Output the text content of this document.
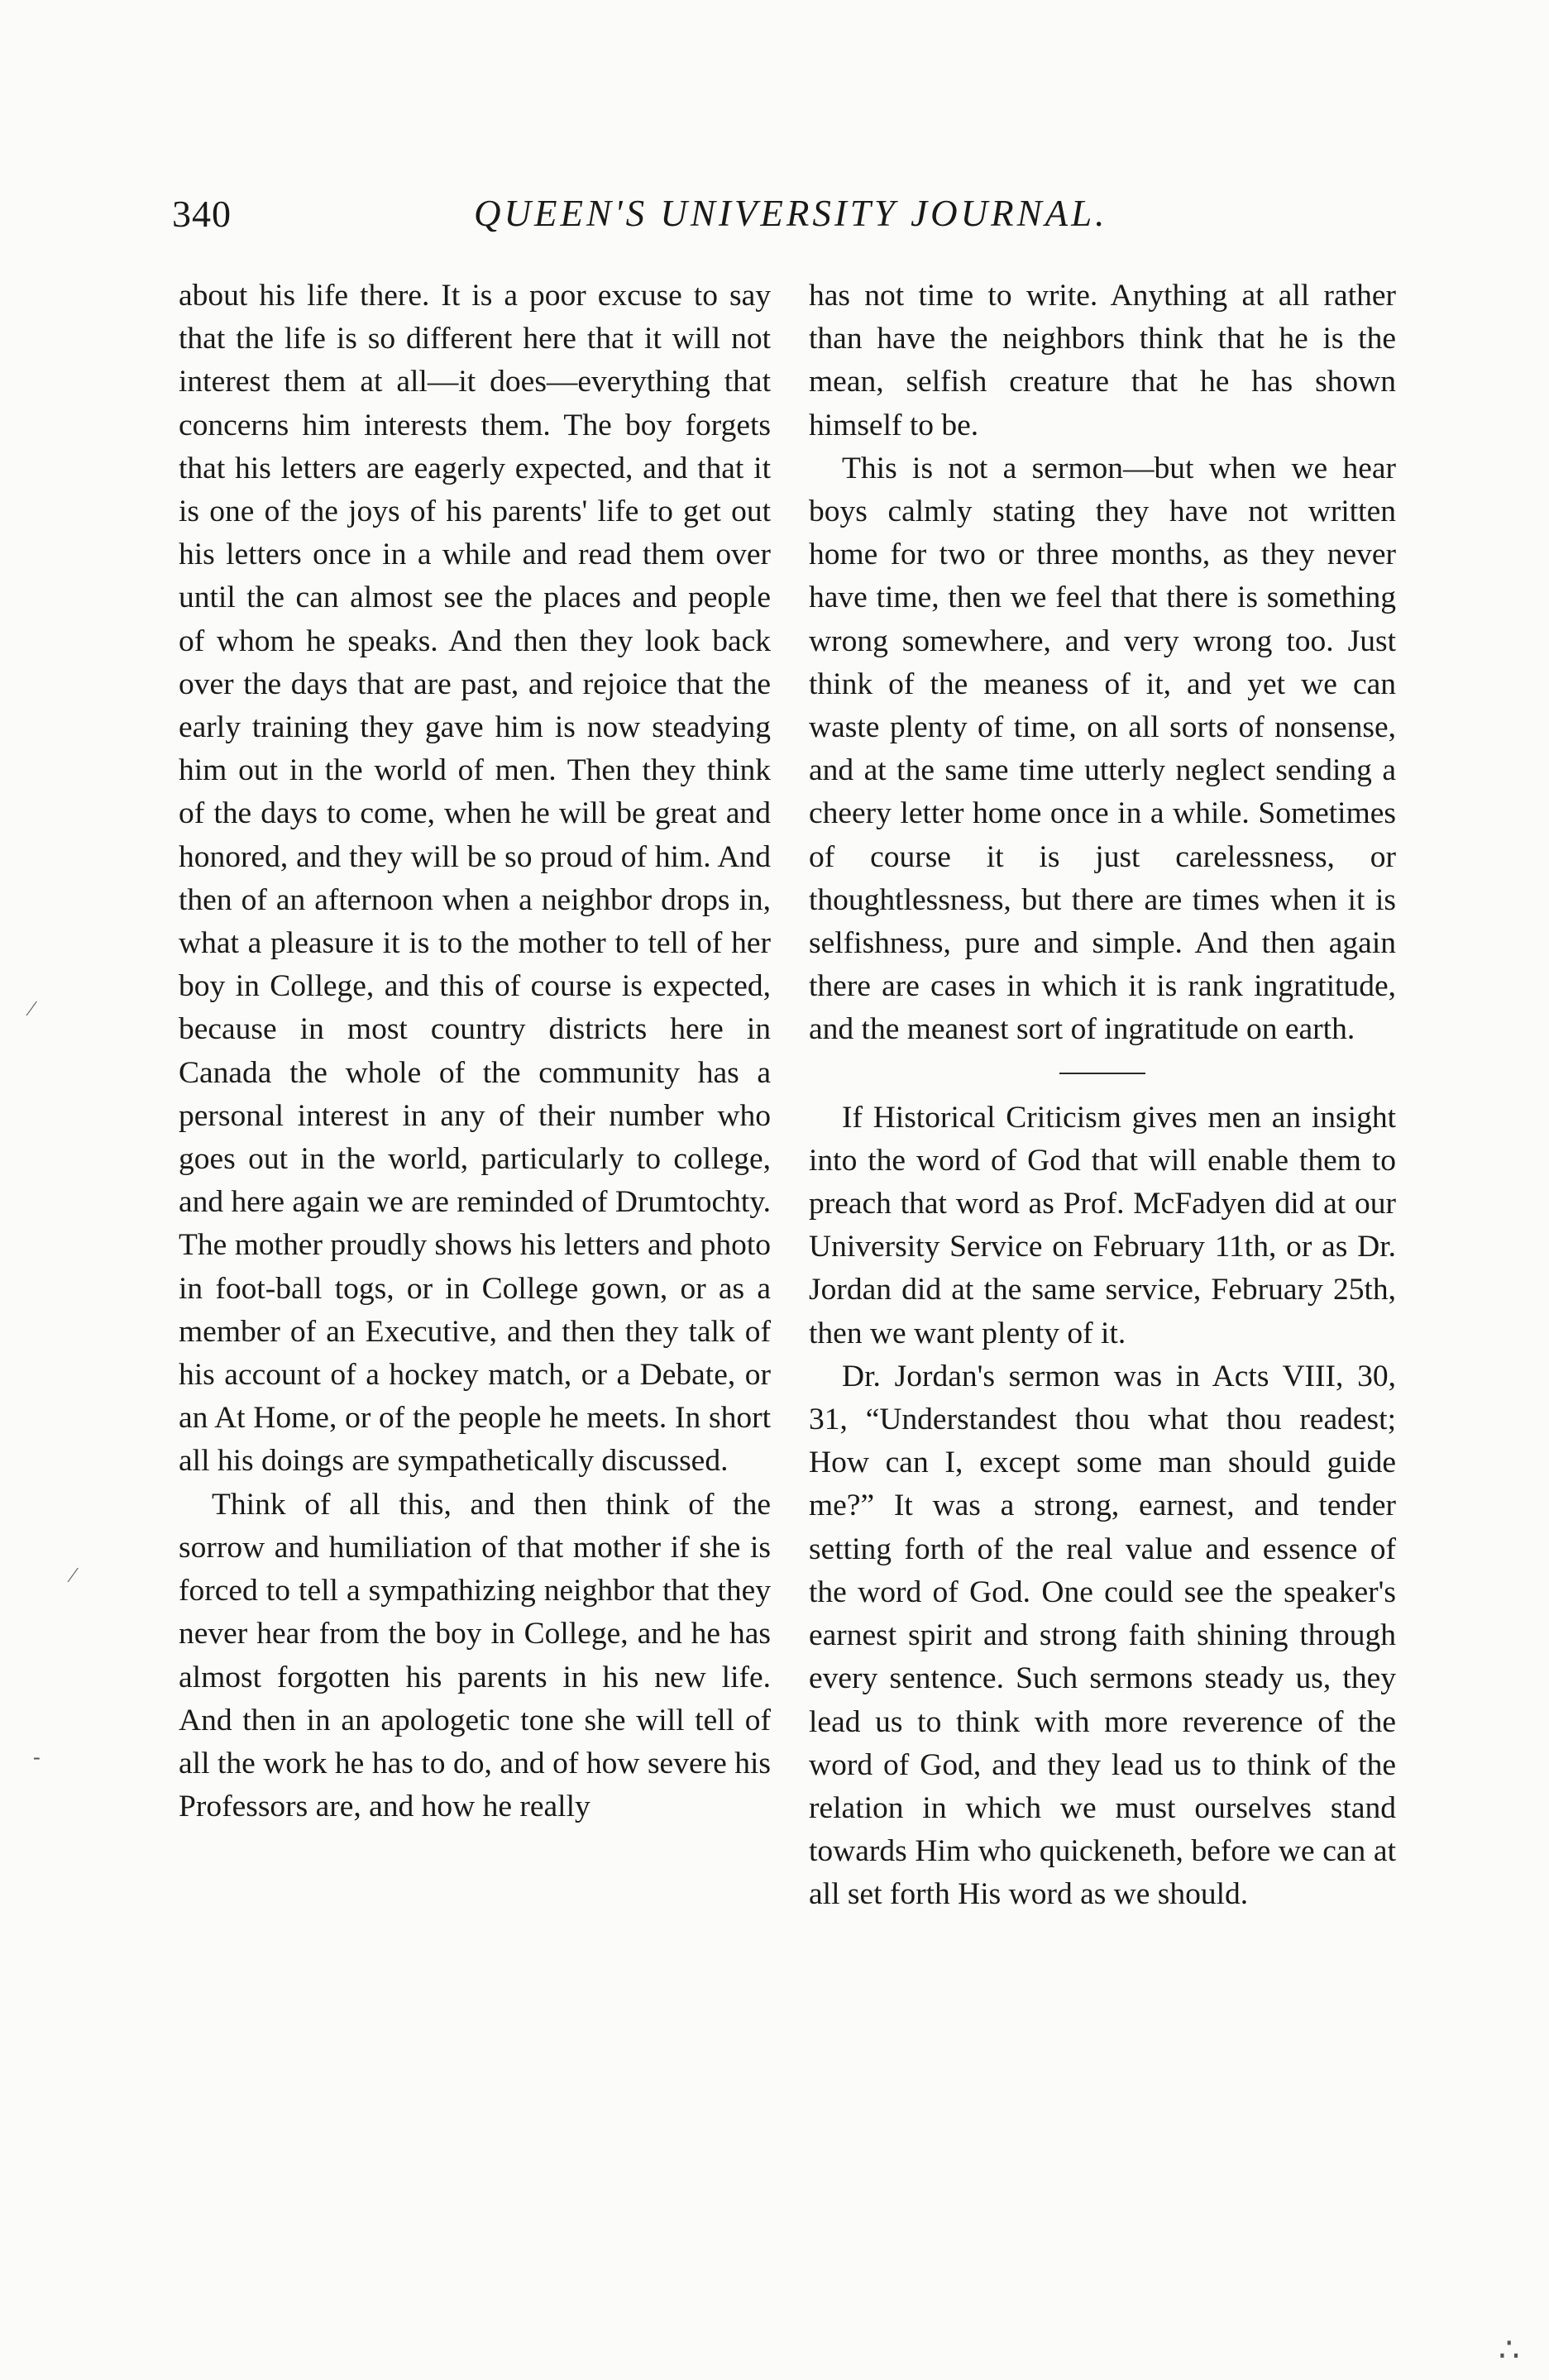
340	QUEEN'S UNIVERSITY JOURNAL.

about his life there. It is a poor excuse to say that the life is so different here that it will not interest them at all—it does—everything that concerns him interests them. The boy forgets that his letters are eagerly expected, and that it is one of the joys of his parents' life to get out his letters once in a while and read them over until the can almost see the places and people of whom he speaks. And then they look back over the days that are past, and rejoice that the early training they gave him is now steadying him out in the world of men. Then they think of the days to come, when he will be great and honored, and they will be so proud of him. And then of an afternoon when a neighbor drops in, what a pleasure it is to the mother to tell of her boy in College, and this of course is expected, because in most country districts here in Canada the whole of the community has a personal interest in any of their number who goes out in the world, particularly to college, and here again we are reminded of Drumtochty. The mother proudly shows his letters and photo in foot-ball togs, or in College gown, or as a member of an Executive, and then they talk of his account of a hockey match, or a Debate, or an At Home, or of the people he meets. In short all his doings are sympathetically discussed.

Think of all this, and then think of the sorrow and humiliation of that mother if she is forced to tell a sympathizing neighbor that they never hear from the boy in College, and he has almost forgotten his parents in his new life. And then in an apologetic tone she will tell of all the work he has to do, and of how severe his Professors are, and how he really

has not time to write. Anything at all rather than have the neighbors think that he is the mean, selfish creature that he has shown himself to be.

This is not a sermon—but when we hear boys calmly stating they have not written home for two or three months, as they never have time, then we feel that there is something wrong somewhere, and very wrong too. Just think of the meaness of it, and yet we can waste plenty of time, on all sorts of nonsense, and at the same time utterly neglect sending a cheery letter home once in a while. Sometimes of course it is just carelessness, or thoughtlessness, but there are times when it is selfishness, pure and simple. And then again there are cases in which it is rank ingratitude, and the meanest sort of ingratitude on earth.

If Historical Criticism gives men an insight into the word of God that will enable them to preach that word as Prof. McFadyen did at our University Service on February 11th, or as Dr. Jordan did at the same service, February 25th, then we want plenty of it.

Dr. Jordan's sermon was in Acts VIII, 30, 31, “Understandest thou what thou readest; How can I, except some man should guide me?” It was a strong, earnest, and tender setting forth of the real value and essence of the word of God. One could see the speaker's earnest spirit and strong faith shining through every sentence. Such sermons steady us, they lead us to think with more reverence of the word of God, and they lead us to think of the relation in which we must ourselves stand towards Him who quickeneth, before we can at all set forth His word as we should.

∕
∕
‐
∴
